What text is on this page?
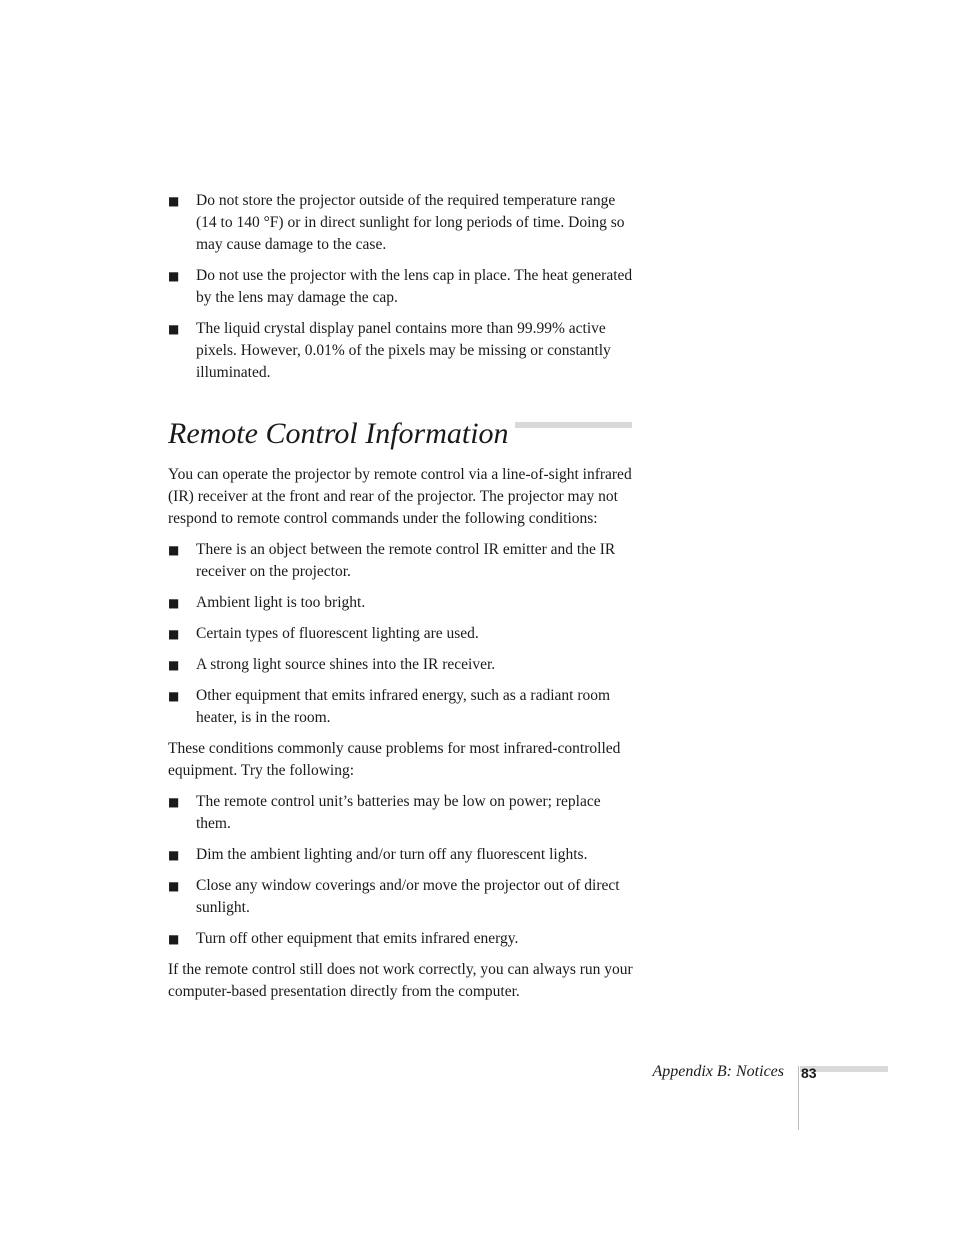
■ Do not store the projector outside of the required temperature range (14 to 140 °F) or in direct sunlight for long periods of time. Doing so may cause damage to the case.
■ Do not use the projector with the lens cap in place. The heat generated by the lens may damage the cap.
■ The liquid crystal display panel contains more than 99.99% active pixels. However, 0.01% of the pixels may be missing or constantly illuminated.
Remote Control Information

You can operate the projector by remote control via a line-of-sight infrared (IR) receiver at the front and rear of the projector. The projector may not respond to remote control commands under the following conditions:

■ There is an object between the remote control IR emitter and the IR receiver on the projector.
■ Ambient light is too bright.
■ Certain types of fluorescent lighting are used.
■ A strong light source shines into the IR receiver.
■ Other equipment that emits infrared energy, such as a radiant room heater, is in the room.

These conditions commonly cause problems for most infrared-controlled equipment. Try the following:

■ The remote control unit’s batteries may be low on power; replace them.
■ Dim the ambient lighting and/or turn off any fluorescent lights.
■ Close any window coverings and/or move the projector out of direct sunlight.
■ Turn off other equipment that emits infrared energy.

If the remote control still does not work correctly, you can always run your computer-based presentation directly from the computer.

Appendix B: Notices 83
